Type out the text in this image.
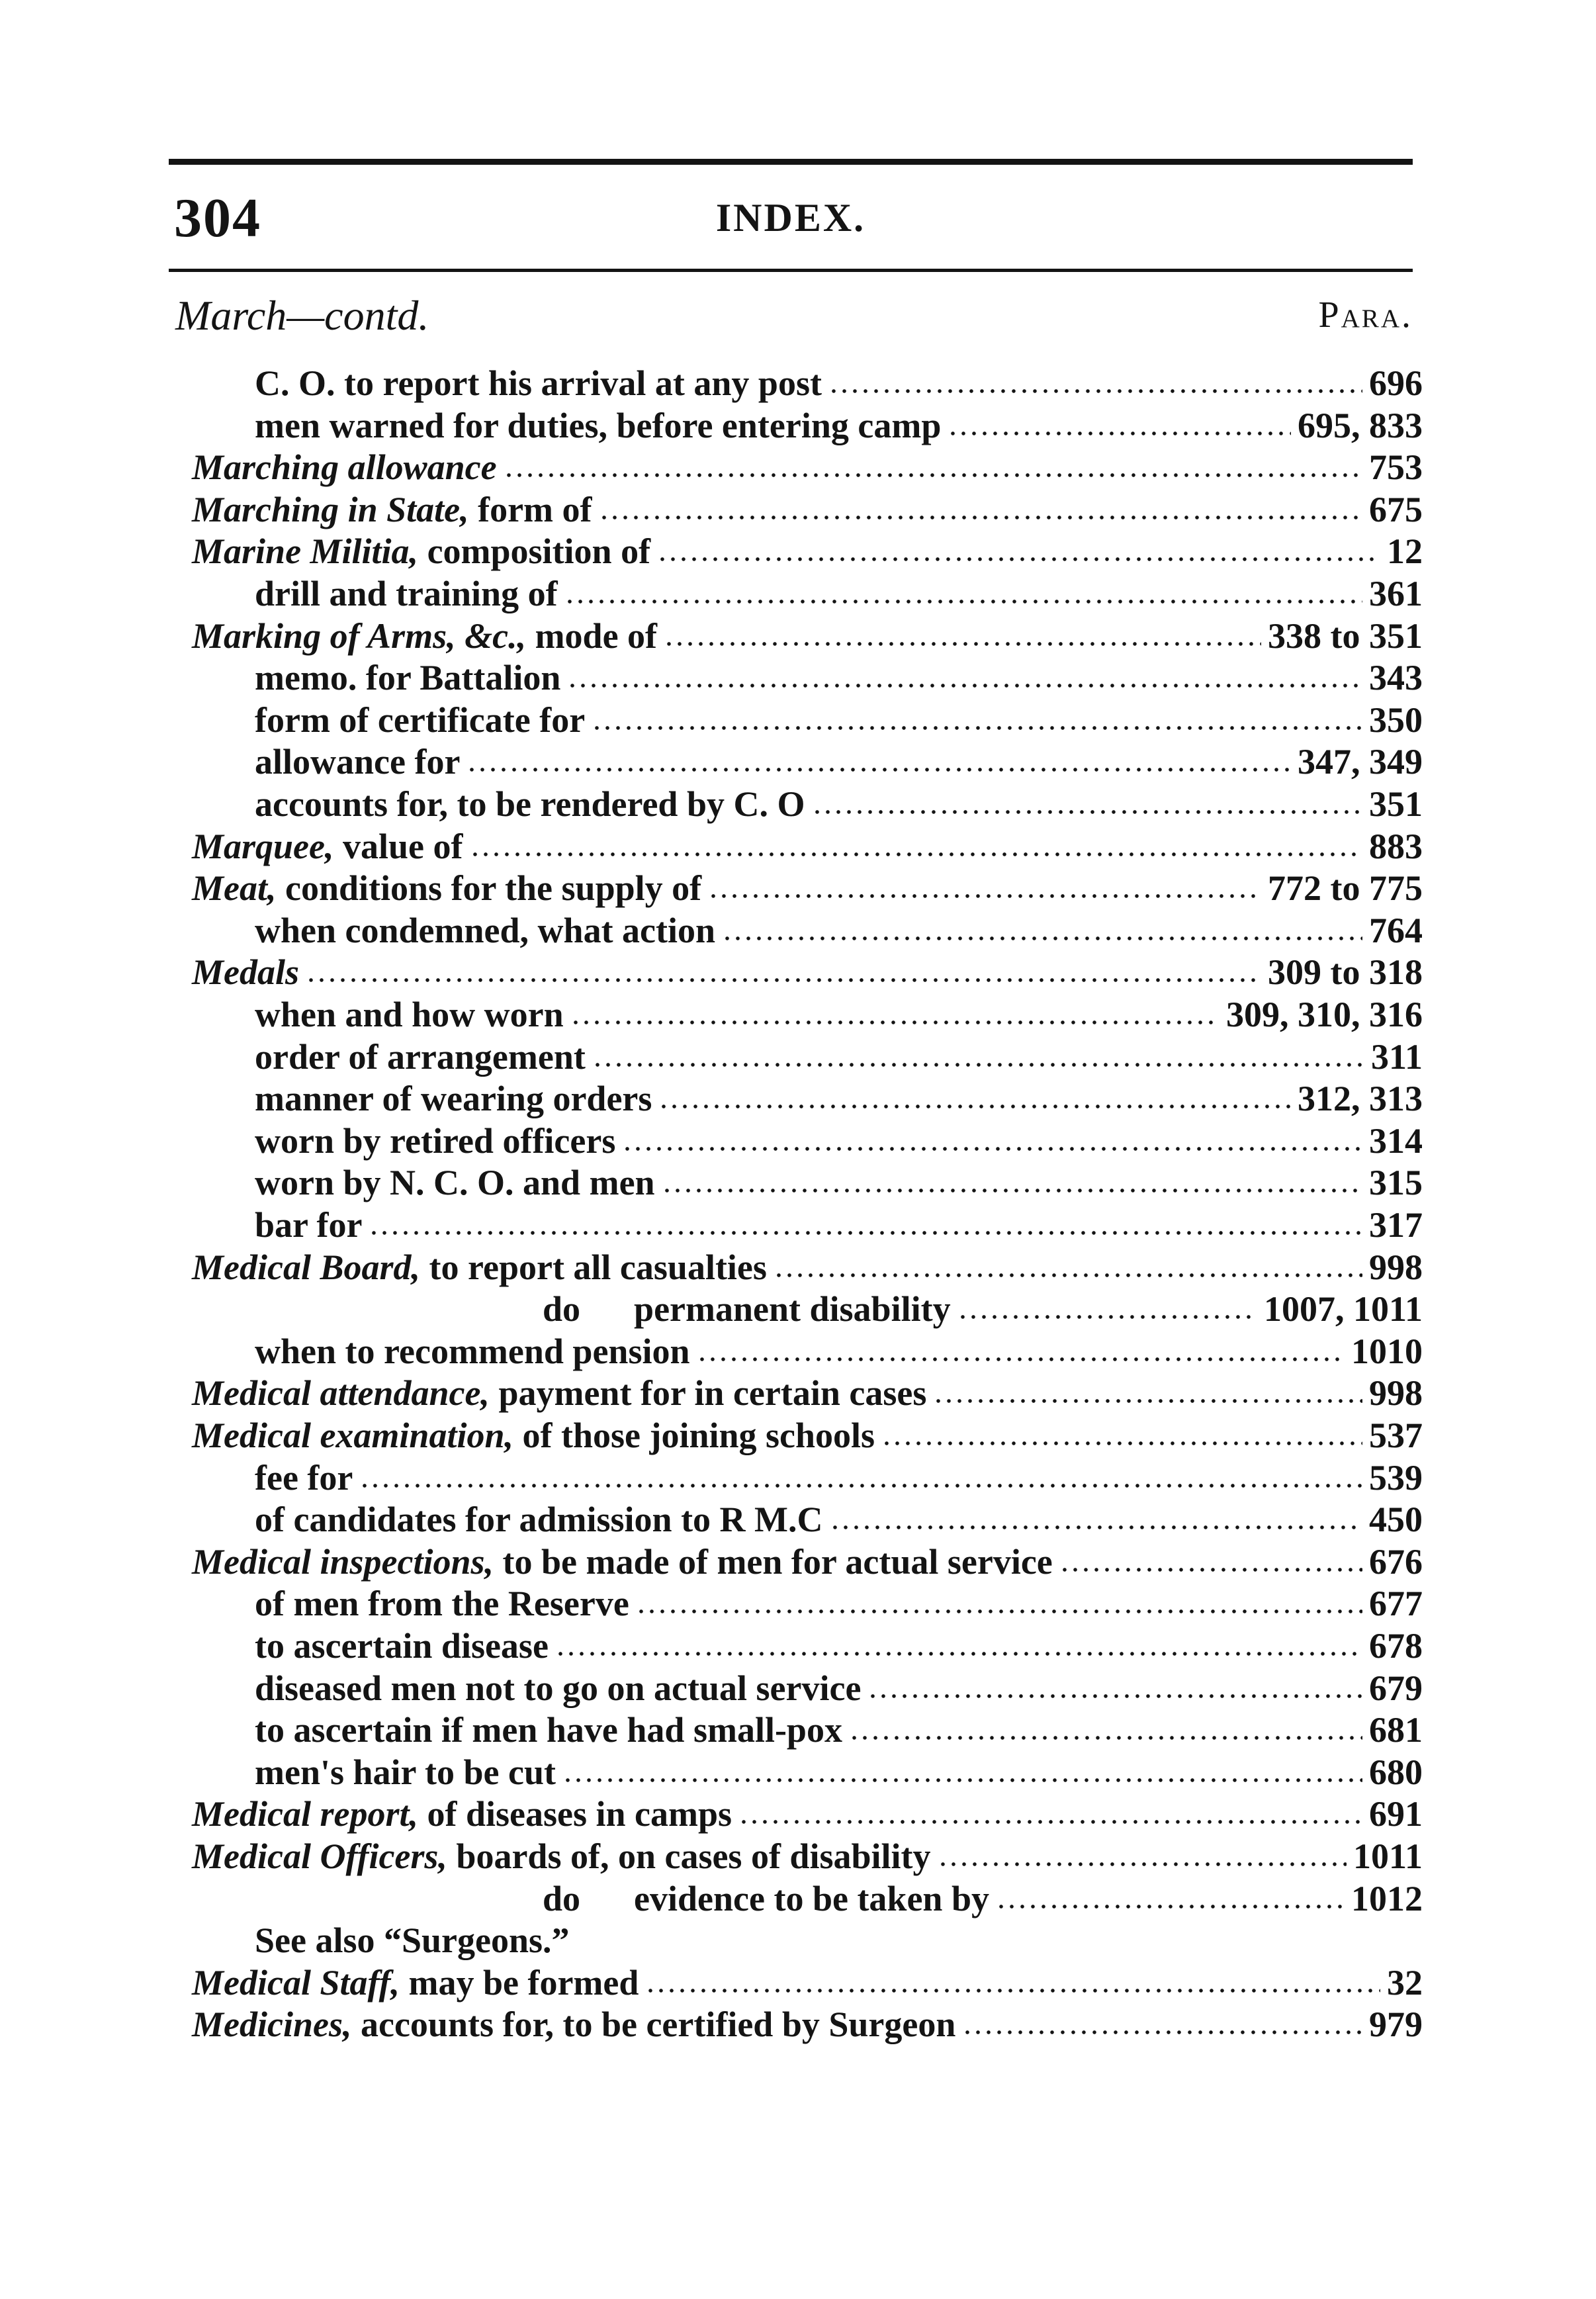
304	INDEX.
March—contd.	Para.
C. O. to report his arrival at any post	696
men warned for duties, before entering camp	695, 833
Marching allowance	753
Marching in State, form of	675
Marine Militia, composition of	12
drill and training of	361
Marking of Arms, &c., mode of	338 to 351
memo. for Battalion	343
form of certificate for	350
allowance for	347, 349
accounts for, to be rendered by C. O	351
Marquee, value of	883
Meat, conditions for the supply of	772 to 775
when condemned, what action	764
Medals	309 to 318
when and how worn	309, 310, 316
order of arrangement	311
manner of wearing orders	312, 313
worn by retired officers	314
worn by N. C. O. and men	315
bar for	317
Medical Board, to report all casualties	998
do      permanent disability	1007, 1011
when to recommend pension	1010
Medical attendance, payment for in certain cases	998
Medical examination, of those joining schools	537
fee for	539
of candidates for admission to R M.C	450
Medical inspections, to be made of men for actual service	676
of men from the Reserve	677
to ascertain disease	678
diseased men not to go on actual service	679
to ascertain if men have had small-pox	681
men's hair to be cut	680
Medical report, of diseases in camps	691
Medical Officers, boards of, on cases of disability	1011
do      evidence to be taken by	1012
See also “Surgeons.”
Medical Staff, may be formed	32
Medicines, accounts for, to be certified by Surgeon	979
